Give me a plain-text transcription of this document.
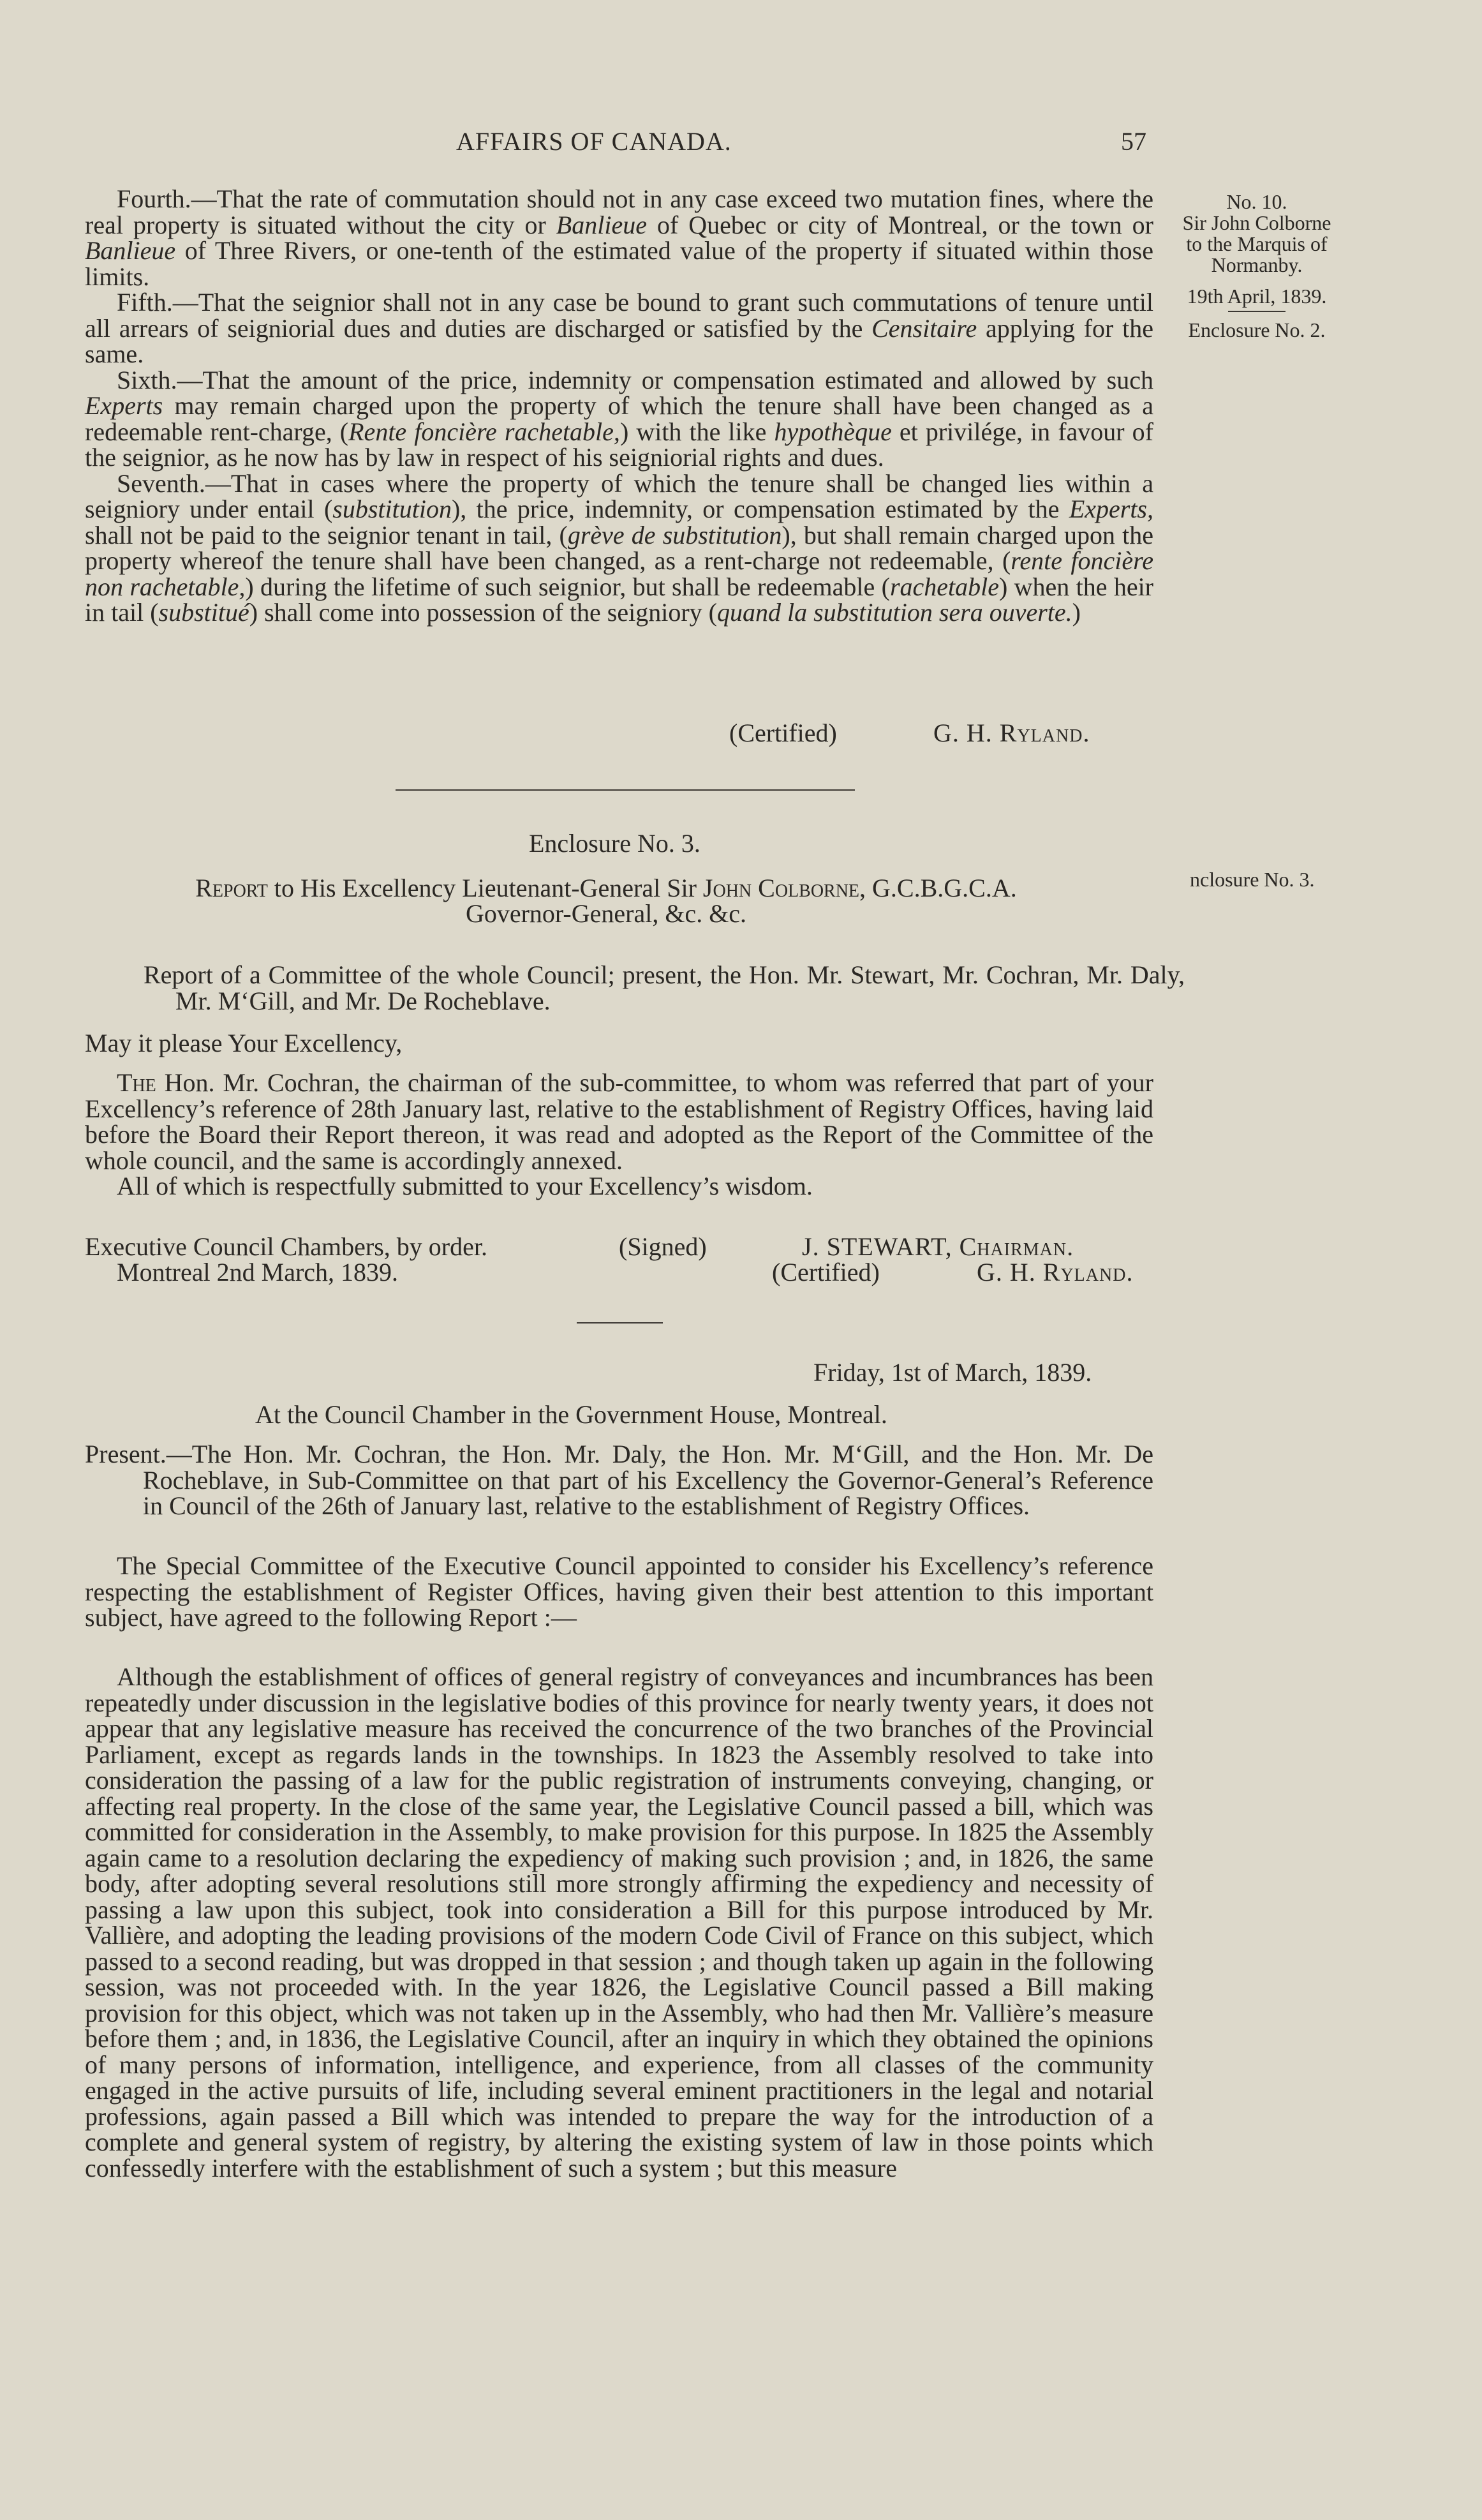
AFFAIRS OF CANADA.	57
No. 10.
Sir John Colborne
to the Marquis of
Normanby.
19th April, 1839.
Enclosure No. 2.
nclosure No. 3.

Fourth.—That the rate of commutation should not in any case exceed two mutation fines, where the real property is situated without the city or Banlieue of Quebec or city of Montreal, or the town or Banlieue of Three Rivers, or one-tenth of the estimated value of the property if situated within those limits.

Fifth.—That the seignior shall not in any case be bound to grant such commutations of tenure until all arrears of seigniorial dues and duties are discharged or satisfied by the Censitaire applying for the same.

Sixth.—That the amount of the price, indemnity or compensation estimated and allowed by such Experts may remain charged upon the property of which the tenure shall have been changed as a redeemable rent-charge, (Rente foncière rachetable,) with the like hypothèque et privilége, in favour of the seignior, as he now has by law in respect of his seigniorial rights and dues.

Seventh.—That in cases where the property of which the tenure shall be changed lies within a seigniory under entail (substitution), the price, indemnity, or compensation estimated by the Experts, shall not be paid to the seignior tenant in tail, (grève de substitution), but shall remain charged upon the property whereof the tenure shall have been changed, as a rent-charge not redeemable, (rente foncière non rachetable,) during the lifetime of such seignior, but shall be redeemable (rachetable) when the heir in tail (substitué) shall come into possession of the seigniory (quand la substitution sera ouverte.)

(Certified)	G. H. Ryland.
Enclosure No. 3.
Report to His Excellency Lieutenant-General Sir John Colborne, G.C.B.G.C.A.
Governor-General, &c. &c.
Report of a Committee of the whole Council; present, the Hon. Mr. Stewart, Mr. Cochran, Mr. Daly, Mr. M‘Gill, and Mr. De Rocheblave.
May it please Your Excellency,

The Hon. Mr. Cochran, the chairman of the sub-committee, to whom was referred that part of your Excellency’s reference of 28th January last, relative to the establishment of Registry Offices, having laid before the Board their Report thereon, it was read and adopted as the Report of the Committee of the whole council, and the same is accordingly annexed.

All of which is respectfully submitted to your Excellency’s wisdom.

Executive Council Chambers, by order.
Montreal 2nd March, 1839.
(Signed)
(Certified)
J. STEWART, Chairman.
G. H. Ryland.
Friday, 1st of March, 1839.
At the Council Chamber in the Government House, Montreal.
Present.—The Hon. Mr. Cochran, the Hon. Mr. Daly, the Hon. Mr. M‘Gill, and the Hon. Mr. De Rocheblave, in Sub-Committee on that part of his Excellency the Governor-General’s Reference in Council of the 26th of January last, relative to the establishment of Registry Offices.
The Special Committee of the Executive Council appointed to consider his Excellency’s reference respecting the establishment of Register Offices, having given their best attention to this important subject, have agreed to the following Report :—
Although the establishment of offices of general registry of conveyances and incumbrances has been repeatedly under discussion in the legislative bodies of this province for nearly twenty years, it does not appear that any legislative measure has received the concurrence of the two branches of the Provincial Parliament, except as regards lands in the townships. In 1823 the Assembly resolved to take into consideration the passing of a law for the public registration of instruments conveying, changing, or affecting real property. In the close of the same year, the Legislative Council passed a bill, which was committed for consideration in the Assembly, to make provision for this purpose. In 1825 the Assembly again came to a resolution declaring the expediency of making such provision ; and, in 1826, the same body, after adopting several resolutions still more strongly affirming the expediency and necessity of passing a law upon this subject, took into consideration a Bill for this purpose introduced by Mr. Vallière, and adopting the leading provisions of the modern Code Civil of France on this subject, which passed to a second reading, but was dropped in that session ; and though taken up again in the following session, was not proceeded with. In the year 1826, the Legislative Council passed a Bill making provision for this object, which was not taken up in the Assembly, who had then Mr. Vallière’s measure before them ; and, in 1836, the Legislative Council, after an inquiry in which they obtained the opinions of many persons of information, intelligence, and experience, from all classes of the community engaged in the active pursuits of life, including several eminent practitioners in the legal and notarial professions, again passed a Bill which was intended to prepare the way for the introduction of a complete and general system of registry, by altering the existing system of law in those points which confessedly interfere with the establishment of such a system ; but this measure
